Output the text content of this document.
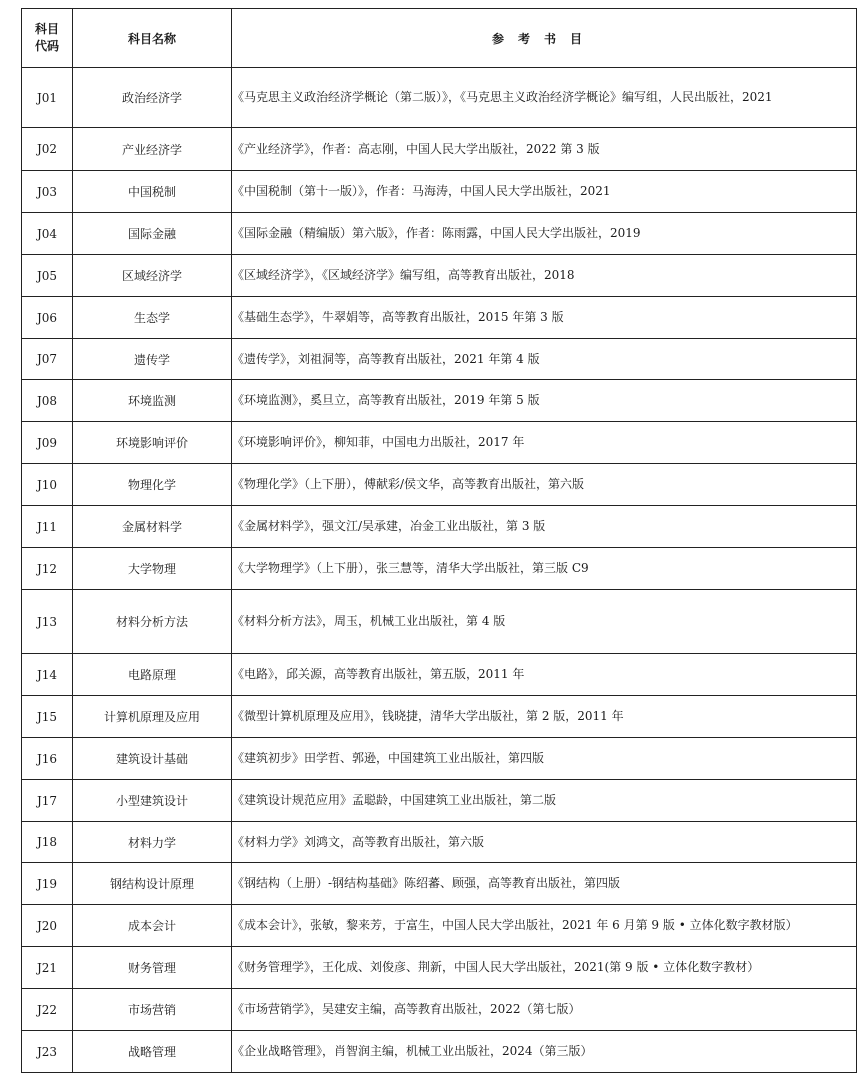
科目
代码	科目名称	参考书目
J01	政治经济学	《马克思主义政治经济学概论（第二版）》，《马克思主义政治经济学概论》编写组，人民出版社，2021
J02	产业经济学	《产业经济学》，作者：高志刚，中国人民大学出版社，2022 第 3 版
J03	中国税制	《中国税制（第十一版）》，作者：马海涛，中国人民大学出版社，2021
J04	国际金融	《国际金融（精编版）第六版》，作者：陈雨露，中国人民大学出版社，2019
J05	区域经济学	《区域经济学》，《区域经济学》编写组，高等教育出版社，2018
J06	生态学	《基础生态学》，牛翠娟等，高等教育出版社，2015 年第 3 版
J07	遗传学	《遗传学》，刘祖洞等，高等教育出版社，2021 年第 4 版
J08	环境监测	《环境监测》，奚旦立，高等教育出版社，2019 年第 5 版
J09	环境影响评价	《环境影响评价》，柳知菲，中国电力出版社，2017 年
J10	物理化学	《物理化学》（上下册），傅献彩/侯文华，高等教育出版社，第六版
J11	金属材料学	《金属材料学》，强文江/吴承建，冶金工业出版社，第 3 版
J12	大学物理	《大学物理学》（上下册），张三慧等，清华大学出版社，第三版 C9
J13	材料分析方法	《材料分析方法》，周玉，机械工业出版社，第 4 版
J14	电路原理	《电路》，邱关源，高等教育出版社，第五版，2011 年
J15	计算机原理及应用	《微型计算机原理及应用》，钱晓捷，清华大学出版社，第 2 版，2011 年
J16	建筑设计基础	《建筑初步》田学哲、郭逊，中国建筑工业出版社，第四版
J17	小型建筑设计	《建筑设计规范应用》孟聪龄，中国建筑工业出版社，第二版
J18	材料力学	《材料力学》刘鸿文，高等教育出版社，第六版
J19	钢结构设计原理	《钢结构（上册）-钢结构基础》陈绍蕃、顾强，高等教育出版社，第四版
J20	成本会计	《成本会计》，张敏，黎来芳，于富生，中国人民大学出版社，2021 年 6 月第 9 版 • 立体化数字教材版）
J21	财务管理	《财务管理学》，王化成、刘俊彦、荆新，中国人民大学出版社，2021(第 9 版 • 立体化数字教材）
J22	市场营销	《市场营销学》，吴建安主编，高等教育出版社，2022（第七版）
J23	战略管理	《企业战略管理》，肖智润主编，机械工业出版社，2024（第三版）
